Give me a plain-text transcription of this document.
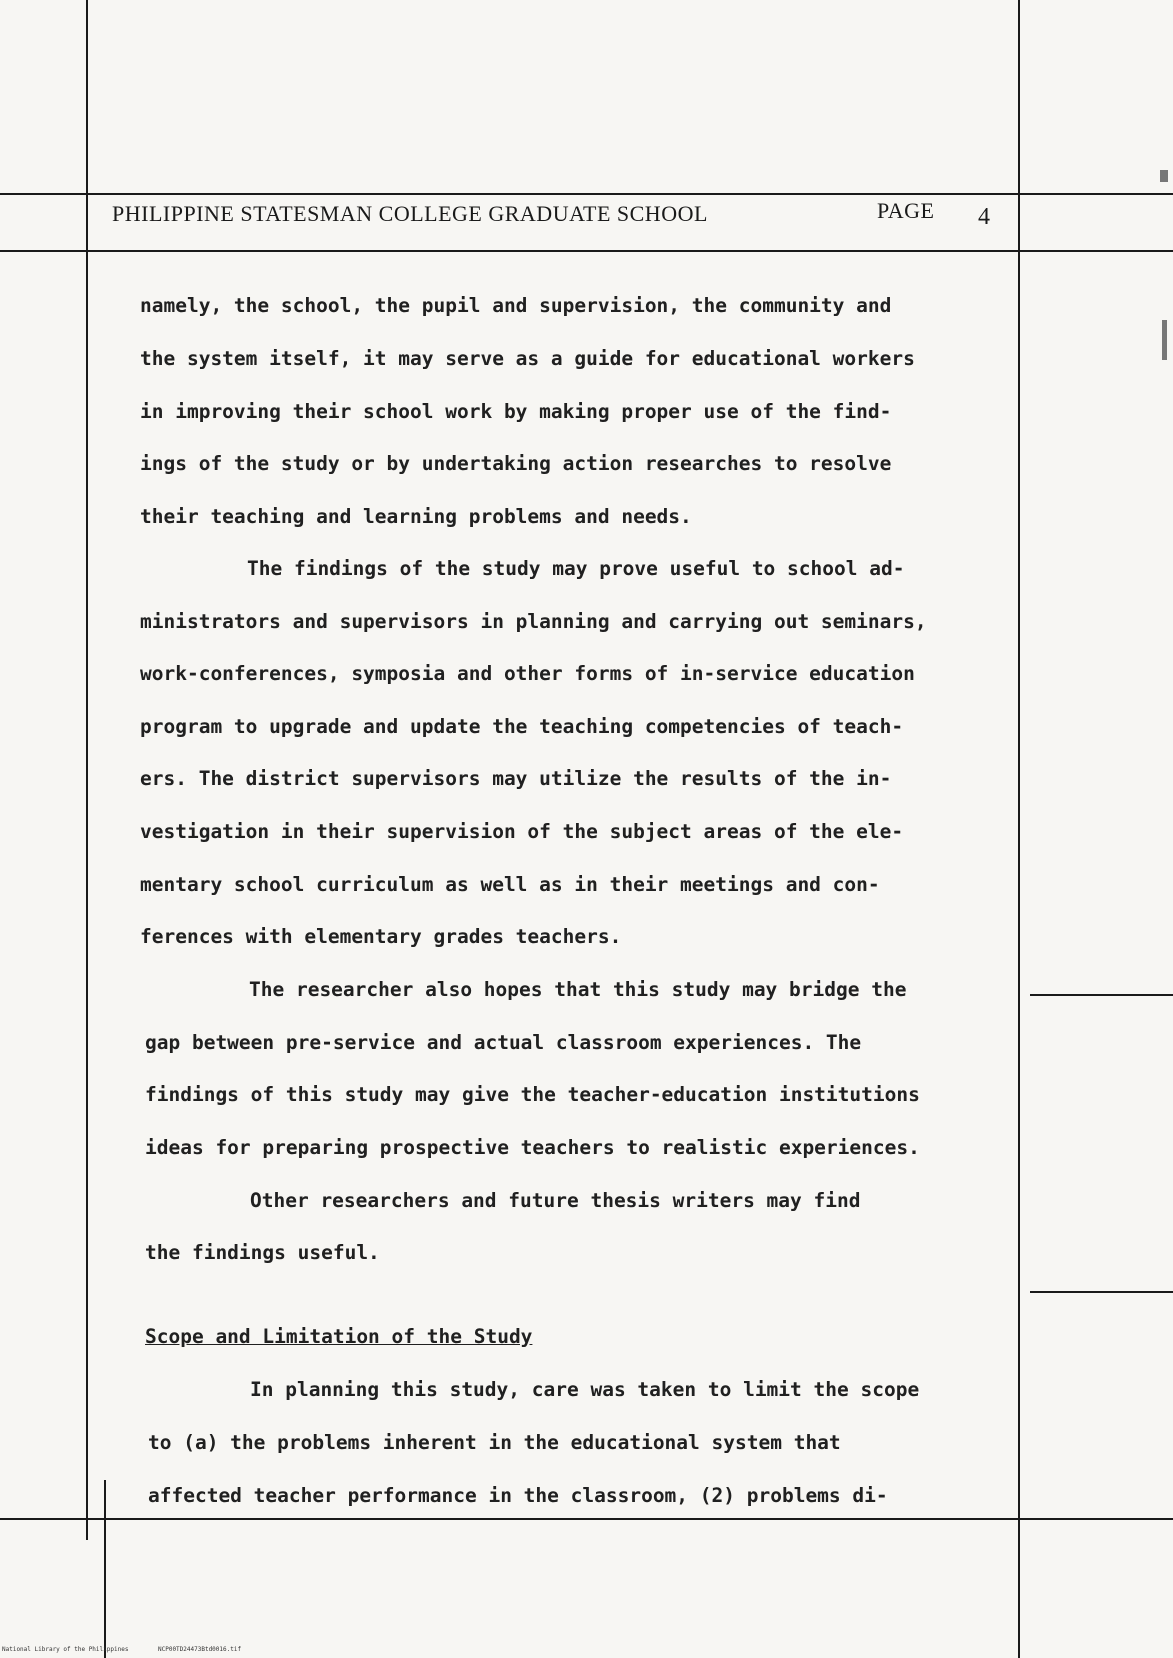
PHILIPPINE STATESMAN COLLEGE GRADUATE SCHOOL	PAGE 4
namely, the school, the pupil and supervision, the community and
the system itself, it may serve as a guide for educational workers
in improving their school work by making proper use of the find-
ings of the study or by undertaking action researches to resolve
their teaching and learning problems and needs.
The findings of the study may prove useful to school ad-
ministrators and supervisors in planning and carrying out seminars,
work-conferences, symposia and other forms of in-service education
program to upgrade and update the teaching competencies of teach-
ers. The district supervisors may utilize the results of the in-
vestigation in their supervision of the subject areas of the ele-
mentary school curriculum as well as in their meetings and con-
ferences with elementary grades teachers.
The researcher also hopes that this study may bridge the
gap between pre-service and actual classroom experiences. The
findings of this study may give the teacher-education institutions
ideas for preparing prospective teachers to realistic experiences.
Other researchers and future thesis writers may find
the findings useful.
Scope and Limitation of the Study
In planning this study, care was taken to limit the scope
to (a) the problems inherent in the educational system that
affected teacher performance in the classroom, (2) problems di-
National Library of the Philippines	NCP00TD24473Btd0016.tif
